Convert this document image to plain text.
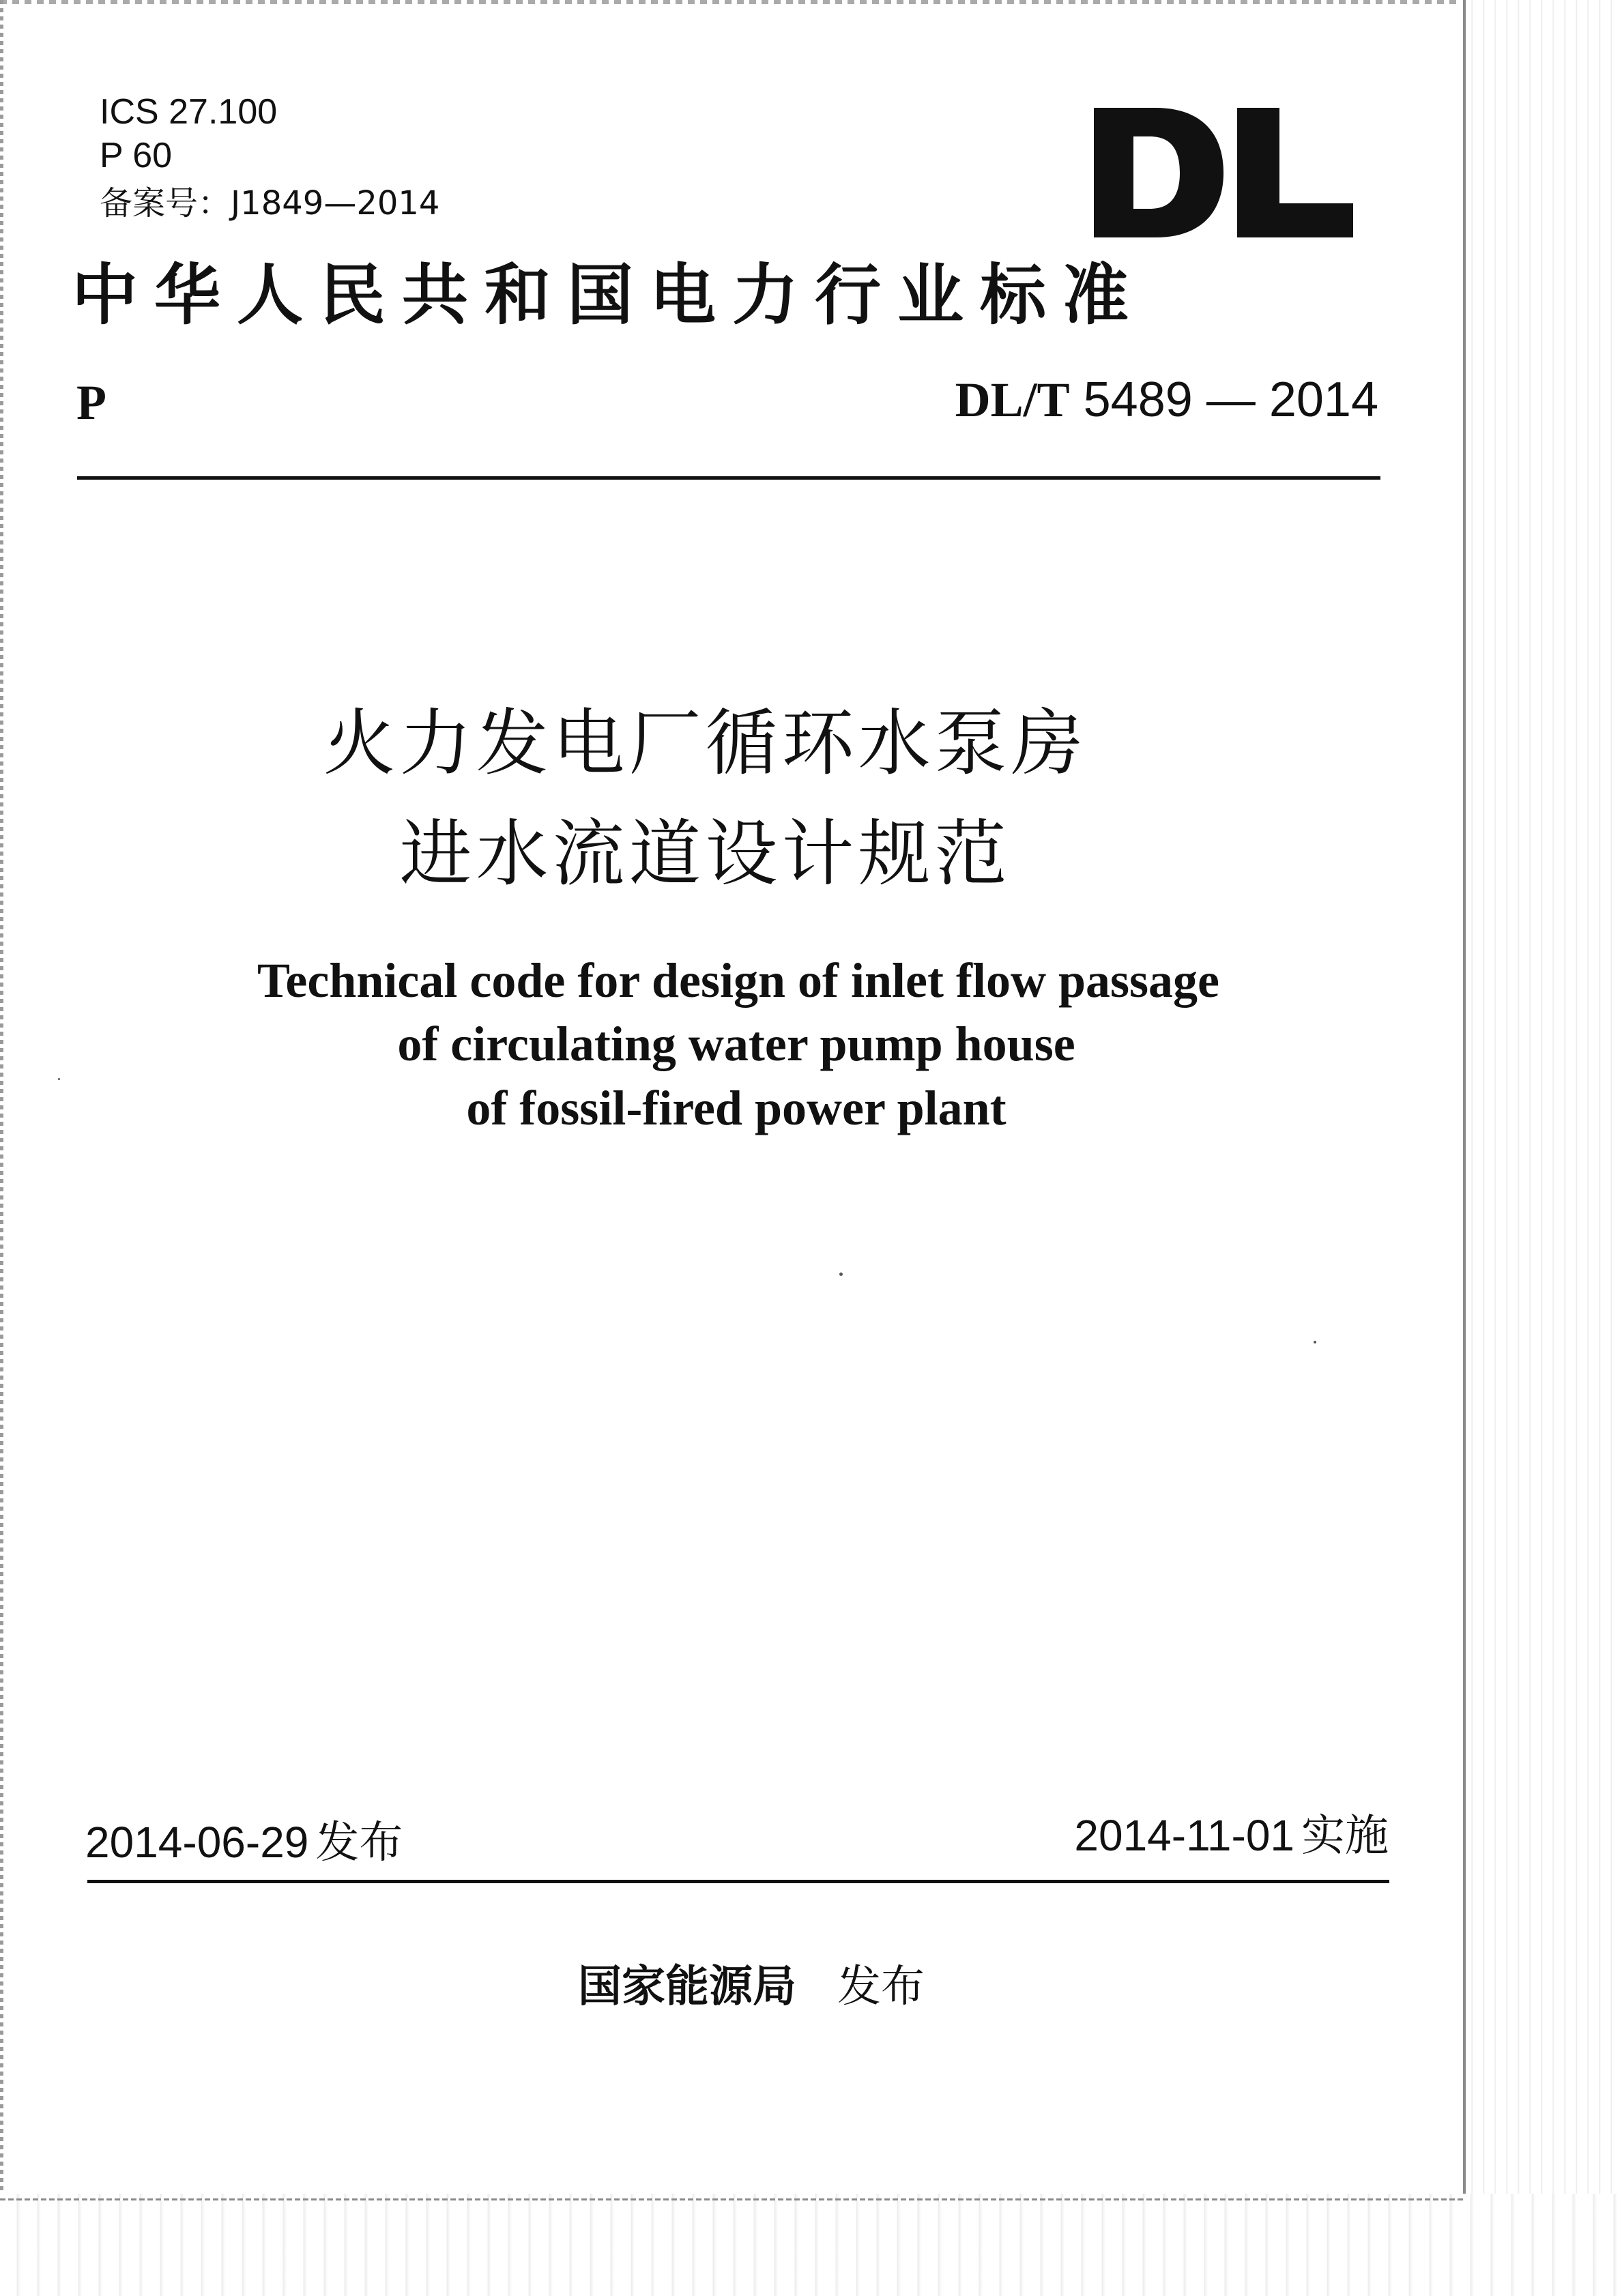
ICS 27.100
P 60
备案号：J1849—2014
中华人民共和国电力行业标准
P	DL/T 5489 — 2014
火力发电厂循环水泵房
进水流道设计规范
Technical code for design of inlet flow passage
of circulating water pump house
of fossil-fired power plant
2014-06-29 发布	2014-11-01 实施
国家能源局 发布
